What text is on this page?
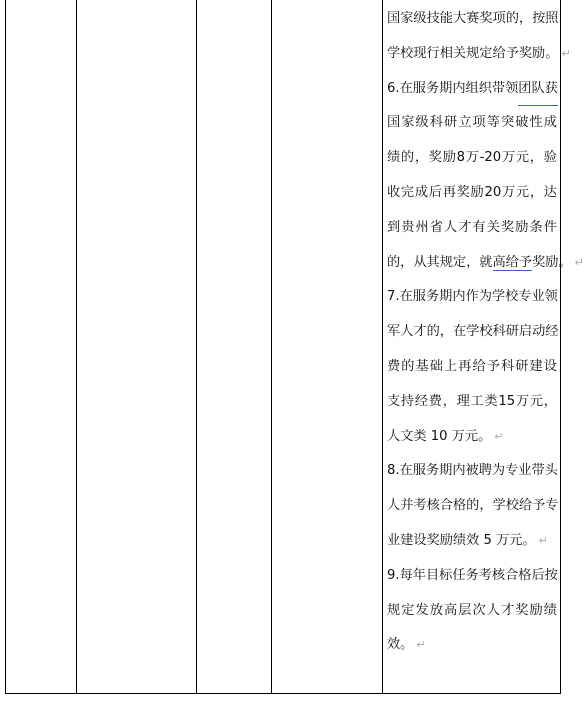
国 家 级 技 能 大 赛 奖 项 的 ， 按 照
学校现行相关规定给予奖励。 ↵
6. 在 服 务 期 内 组 织 带 领 团 队 获
国 家 级 科 研 立 项 等 突 破 性 成
绩 的 ， 奖 励 8 万 -20 万 元 ， 验
收 完 成 后 再 奖 励 20 万 元 ， 达
到 贵 州 省 人 才 有 关 奖 励 条 件
的，从其规定，就高给予奖励。 ↵
7. 在 服 务 期 内 作 为 学 校 专 业 领
军 人 才 的 ， 在 学 校 科 研 启 动 经
费 的 基 础 上 再 给 予 科 研 建 设
支 持 经 费 ， 理 工 类 15 万 元 ，
人文类 10 万元。 ↵
8. 在 服 务 期 内 被 聘 为 专 业 带 头
人 并 考 核 合 格 的 ， 学 校 给 予 专
业建设奖励绩效 5 万元。 ↵
9. 每 年 目 标 任 务 考 核 合 格 后 按
规 定 发 放 高 层 次 人 才 奖 励 绩
效。 ↵
